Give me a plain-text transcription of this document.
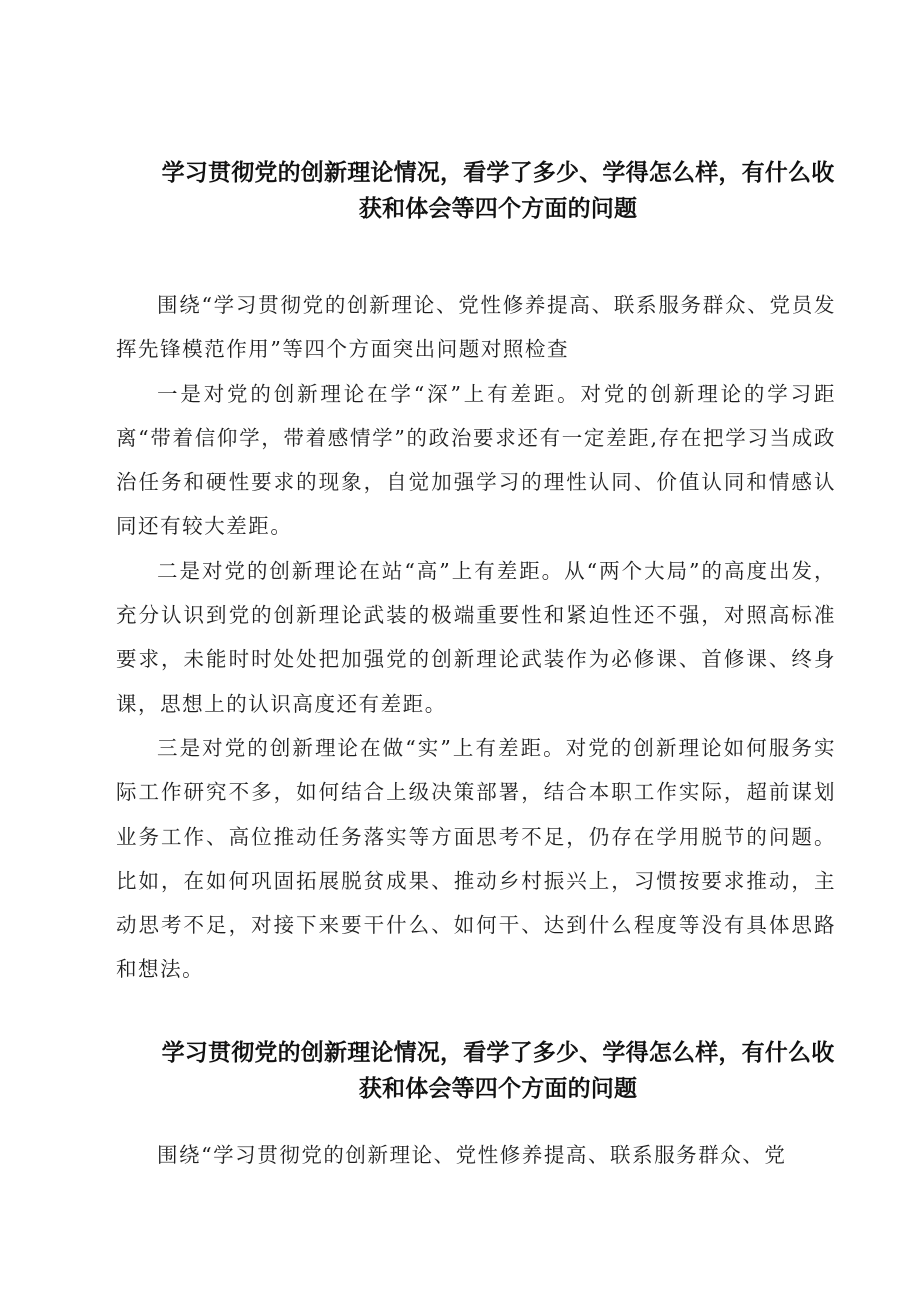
学习贯彻党的创新理论情况，看学了多少、学得怎么样，有什么收
获和体会等四个方面的问题

围绕“学习贯彻党的创新理论、党性修养提高、联系服务群众、党员发挥先锋模范作用”等四个方面突出问题对照检查

一是对党的创新理论在学“深”上有差距。对党的创新理论的学习距离“带着信仰学，带着感情学”的政治要求还有一定差距,存在把学习当成政治任务和硬性要求的现象，自觉加强学习的理性认同、价值认同和情感认同还有较大差距。

二是对党的创新理论在站“高”上有差距。从“两个大局”的高度出发，充分认识到党的创新理论武装的极端重要性和紧迫性还不强，对照高标准要求，未能时时处处把加强党的创新理论武装作为必修课、首修课、终身课，思想上的认识高度还有差距。

三是对党的创新理论在做“实”上有差距。对党的创新理论如何服务实际工作研究不多，如何结合上级决策部署，结合本职工作实际，超前谋划业务工作、高位推动任务落实等方面思考不足，仍存在学用脱节的问题。比如，在如何巩固拓展脱贫成果、推动乡村振兴上，习惯按要求推动，主动思考不足，对接下来要干什么、如何干、达到什么程度等没有具体思路和想法。

学习贯彻党的创新理论情况，看学了多少、学得怎么样，有什么收
获和体会等四个方面的问题

围绕“学习贯彻党的创新理论、党性修养提高、联系服务群众、党
